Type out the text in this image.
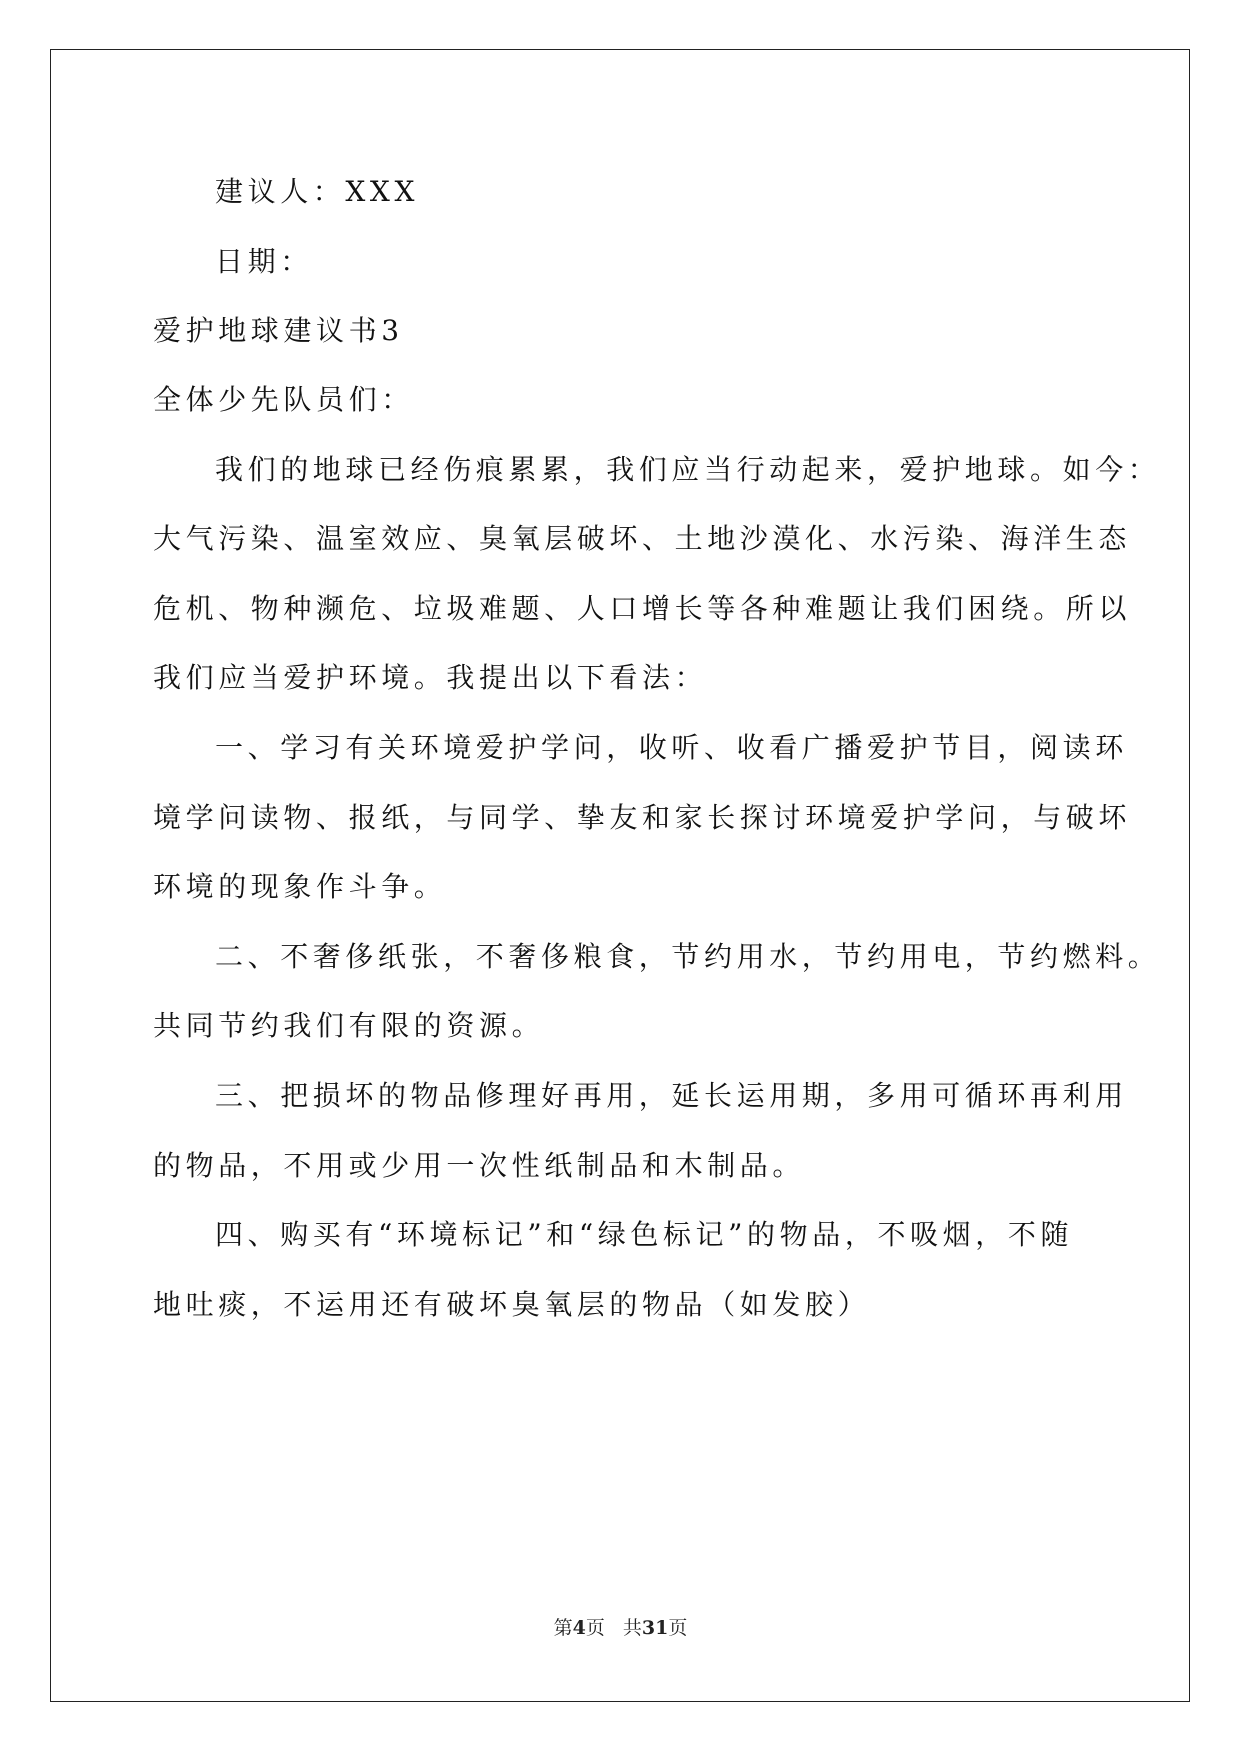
建议人：XXX
日期：
爱护地球建议书3
全体少先队员们：
我们的地球已经伤痕累累，我们应当行动起来，爱护地球。如今：
大气污染、温室效应、臭氧层破坏、土地沙漠化、水污染、海洋生态
危机、物种濒危、垃圾难题、人口增长等各种难题让我们困绕。所以
我们应当爱护环境。我提出以下看法：
一、学习有关环境爱护学问，收听、收看广播爱护节目，阅读环
境学问读物、报纸，与同学、挚友和家长探讨环境爱护学问，与破坏
环境的现象作斗争。
二、不奢侈纸张，不奢侈粮食，节约用水，节约用电，节约燃料。
共同节约我们有限的资源。
三、把损坏的物品修理好再用，延长运用期，多用可循环再利用
的物品，不用或少用一次性纸制品和木制品。
四、购买有“环境标记”和“绿色标记”的物品，不吸烟，不随
地吐痰，不运用还有破坏臭氧层的物品（如发胶）
第4页 共31页
